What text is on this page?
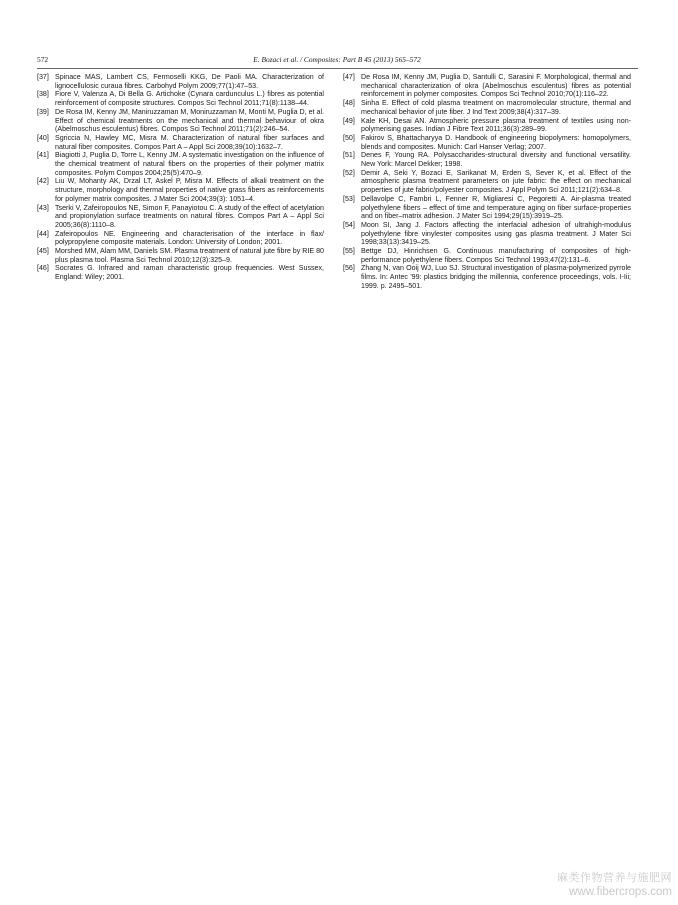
572	E. Bozaci et al. / Composites: Part B 45 (2013) 565–572

[37] Spinace MAS, Lambert CS, Fermoselli KKG, De Paoli MA. Characterization of lignocellulosic curaua fibres. Carbohyd Polym 2009;77(1):47–53.

[38] Fiore V, Valenza A, Di Bella G. Artichoke (Cynara cardunculus L.) fibres as potential reinforcement of composite structures. Compos Sci Technol 2011;71(8):1138–44.

[39] De Rosa IM, Kenny JM, Maniruzzaman M, Moniruzzaman M, Monti M, Puglia D, et al. Effect of chemical treatments on the mechanical and thermal behaviour of okra (Abelmoschus esculentus) fibres. Compos Sci Technol 2011;71(2):246–54.

[40] Sgriccia N, Hawley MC, Misra M. Characterization of natural fiber surfaces and natural fiber composites. Compos Part A – Appl Sci 2008;39(10):1632–7.

[41] Biagiotti J, Puglia D, Torre L, Kenny JM. A systematic investigation on the influence of the chemical treatment of natural fibers on the properties of their polymer matrix composites. Polym Compos 2004;25(5):470–9.

[42] Liu W, Mohanty AK, Drzal LT, Askel P, Misra M. Effects of alkali treatment on the structure, morphology and thermal properties of native grass fibers as reinforcements for polymer matrix composites. J Mater Sci 2004;39(3): 1051–4.

[43] Tserki V, Zafeiropoulos NE, Simon F, Panayiotou C. A study of the effect of acetylation and propionylation surface treatments on natural fibres. Compos Part A – Appl Sci 2005;36(8):1110–8.

[44] Zafeiropoulos NE. Engineering and characterisation of the interface in flax/ polypropylene composite materials. London: University of London; 2001.

[45] Morshed MM, Alam MM, Daniels SM. Plasma treatment of natural jute fibre by RIE 80 plus plasma tool. Plasma Sci Technol 2010;12(3):325–9.

[46] Socrates G. Infrared and raman characteristic group frequencies. West Sussex, England: Wiley; 2001.

[47] De Rosa IM, Kenny JM, Puglia D, Santulli C, Sarasini F. Morphological, thermal and mechanical characterization of okra (Abelmoschus esculentus) fibres as potential reinforcement in polymer composites. Compos Sci Technol 2010;70(1):116–22.

[48] Sinha E. Effect of cold plasma treatment on macromolecular structure, thermal and mechanical behavior of jute fiber. J Ind Text 2009;38(4):317–39.

[49] Kale KH, Desai AN. Atmospheric pressure plasma treatment of textiles using non-polymerising gases. Indian J Fibre Text 2011;36(3):289–99.

[50] Fakirov S, Bhattacharyya D. Handbook of engineering biopolymers: homopolymers, blends and composites. Munich: Carl Hanser Verlag; 2007.

[51] Denes F, Young RA. Polysaccharides-structural diversity and functional versatility. New York: Marcel Dekker; 1998.

[52] Demir A, Seki Y, Bozaci E, Sarikanat M, Erden S, Sever K, et al. Effect of the atmospheric plasma treatment parameters on jute fabric: the effect on mechanical properties of jute fabric/polyester composites. J Appl Polym Sci 2011;121(2):634–8.

[53] Dellavolpe C, Fambri L, Fenner R, Migliaresi C, Pegoretti A. Air-plasma treated polyethylene fibers – effect of time and temperature aging on fiber surface-properties and on fiber–matrix adhesion. J Mater Sci 1994;29(15):3919–25.

[54] Moon SI, Jang J. Factors affecting the interfacial adhesion of ultrahigh-modulus polyethylene fibre vinylester composites using gas plasma treatment. J Mater Sci 1998;33(13):3419–25.

[55] Bettge DJ, Hinrichsen G. Continuous manufacturing of composites of high-performance polyethylene fibers. Compos Sci Technol 1993;47(2):131–6.

[56] Zhang N, van Ooij WJ, Luo SJ. Structural investigation of plasma-polymerized pyrrole films. In: Antec '99: plastics bridging the millennia, conference proceedings, vols. I-Iii; 1999. p. 2495–501.

麻类作物营养与施肥网
www.fibercrops.com
